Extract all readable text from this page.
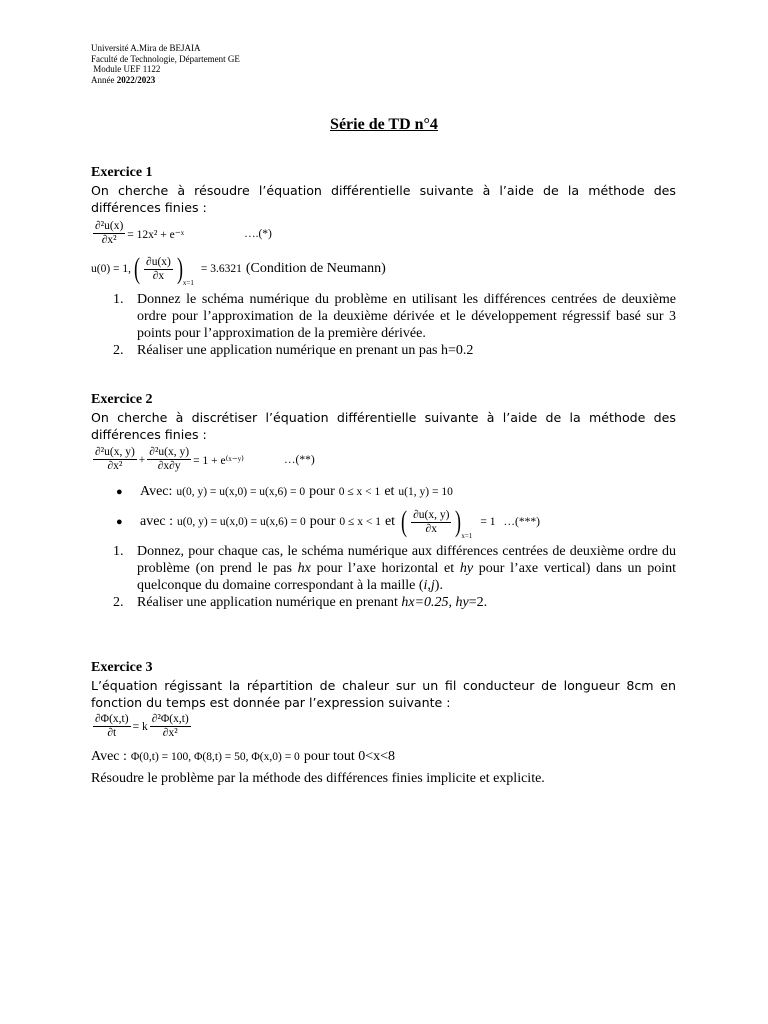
Université A.Mira de BEJAIA
Faculté de Technologie, Département GE
Module UEF 1122
Année 2022/2023
Série de TD n°4
Exercice 1
On cherche à résoudre l’équation différentielle suivante à l’aide de la méthode des différences finies :
$\frac{\text{∂²u(x)}}{\text{∂x²}} = 12x^2$ + e⁻ˣ	….(*)
u(0) = 1, ( $\frac{\partial u(x)}{\partial x}$ ) x=1
= 3.6321 (Condition de Neumann)
1. Donnez le schéma numérique du problème en utilisant les différences centrées de deuxième ordre pour l’approximation de la deuxième dérivée et le développement régressif basé sur 3 points pour l’approximation de la première dérivée.
2. Réaliser une application numérique en prenant un pas h=0.2
Exercice 2
On cherche à discrétiser l’équation différentielle suivante à l’aide de la méthode des différences finies :
$\frac{\text{∂²u(x, y)}}{\text{∂x²}} + \frac{\text{∂²u(x, y)}}{\partial x\partial y} = 1$ + e⁽ˣ⁻ʸ⁾	…(**)
● Avec: u(0, y) = u(x,0) = u(x,6) = 0 pour 0 ≤ x < 1 et u(1, y) = 10
● avec : u(0, y) = u(x,0) = u(x,6) = 0 pour 0 ≤ x < 1 et ( $\frac{\partial u(x, y)}{\partial x}$ ) x=1
= 1 …(***)
1. Donnez, pour chaque cas, le schéma numérique aux différences centrées de deuxième ordre du problème (on prend le pas hx pour l’axe horizontal et hy pour l’axe vertical) dans un point quelconque du domaine correspondant à la maille (i,j).
2. Réaliser une application numérique en prenant hx=0.25, hy=2.
Exercice 3
L’équation régissant la répartition de chaleur sur un fil conducteur de longueur 8cm en fonction du temps est donnée par l’expression suivante :
$\frac{\partial\Phi(x,t)}{\partial t} = k \frac{\text{∂²Φ(x,t)}}{\text{∂x²}}$
Avec : Φ(0,t) = 100, Φ(8,t) = 50, Φ(x,0) = 0 pour tout 0<x<8
Résoudre le problème par la méthode des différences finies implicite et explicite.
